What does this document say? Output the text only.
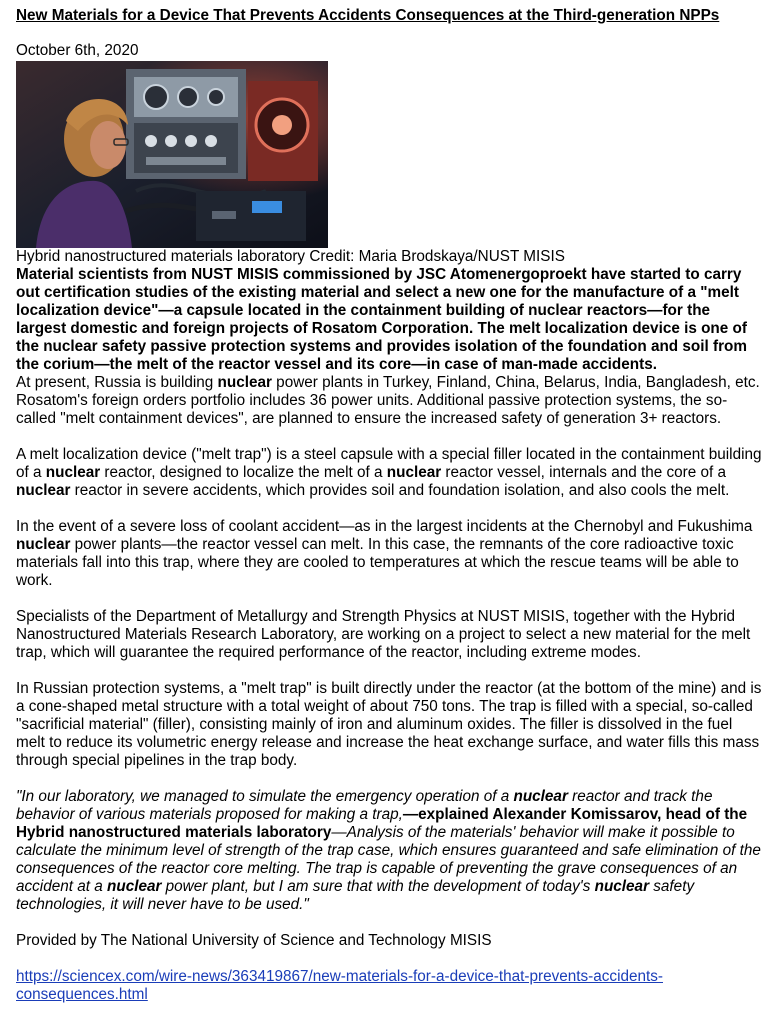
New Materials for a Device That Prevents Accidents Consequences at the Third-generation NPPs
October 6th, 2020
Hybrid nanostructured materials laboratory Credit: Maria Brodskaya/NUST MISIS
Material scientists from NUST MISIS commissioned by JSC Atomenergoproekt have started to carry out certification studies of the existing material and select a new one for the manufacture of a "melt localization device"—a capsule located in the containment building of nuclear reactors—for the largest domestic and foreign projects of Rosatom Corporation. The melt localization device is one of the nuclear safety passive protection systems and provides isolation of the foundation and soil from the corium—the melt of the reactor vessel and its core—in case of man-made accidents.
At present, Russia is building nuclear power plants in Turkey, Finland, China, Belarus, India, Bangladesh, etc. Rosatom's foreign orders portfolio includes 36 power units. Additional passive protection systems, the so-called "melt containment devices", are planned to ensure the increased safety of generation 3+ reactors.
A melt localization device ("melt trap") is a steel capsule with a special filler located in the containment building of a nuclear reactor, designed to localize the melt of a nuclear reactor vessel, internals and the core of a nuclear reactor in severe accidents, which provides soil and foundation isolation, and also cools the melt.
In the event of a severe loss of coolant accident—as in the largest incidents at the Chernobyl and Fukushima nuclear power plants—the reactor vessel can melt. In this case, the remnants of the core radioactive toxic materials fall into this trap, where they are cooled to temperatures at which the rescue teams will be able to work.
Specialists of the Department of Metallurgy and Strength Physics at NUST MISIS, together with the Hybrid Nanostructured Materials Research Laboratory, are working on a project to select a new material for the melt trap, which will guarantee the required performance of the reactor, including extreme modes.
In Russian protection systems, a "melt trap" is built directly under the reactor (at the bottom of the mine) and is a cone-shaped metal structure with a total weight of about 750 tons. The trap is filled with a special, so-called "sacrificial material" (filler), consisting mainly of iron and aluminum oxides. The filler is dissolved in the fuel melt to reduce its volumetric energy release and increase the heat exchange surface, and water fills this mass through special pipelines in the trap body.
"In our laboratory, we managed to simulate the emergency operation of a nuclear reactor and track the behavior of various materials proposed for making a trap,—explained Alexander Komissarov, head of the Hybrid nanostructured materials laboratory—Analysis of the materials' behavior will make it possible to calculate the minimum level of strength of the trap case, which ensures guaranteed and safe elimination of the consequences of the reactor core melting. The trap is capable of preventing the grave consequences of an accident at a nuclear power plant, but I am sure that with the development of today's nuclear safety technologies, it will never have to be used."
Provided by The National University of Science and Technology MISIS
https://sciencex.com/wire-news/363419867/new-materials-for-a-device-that-prevents-accidents-
consequences.html
